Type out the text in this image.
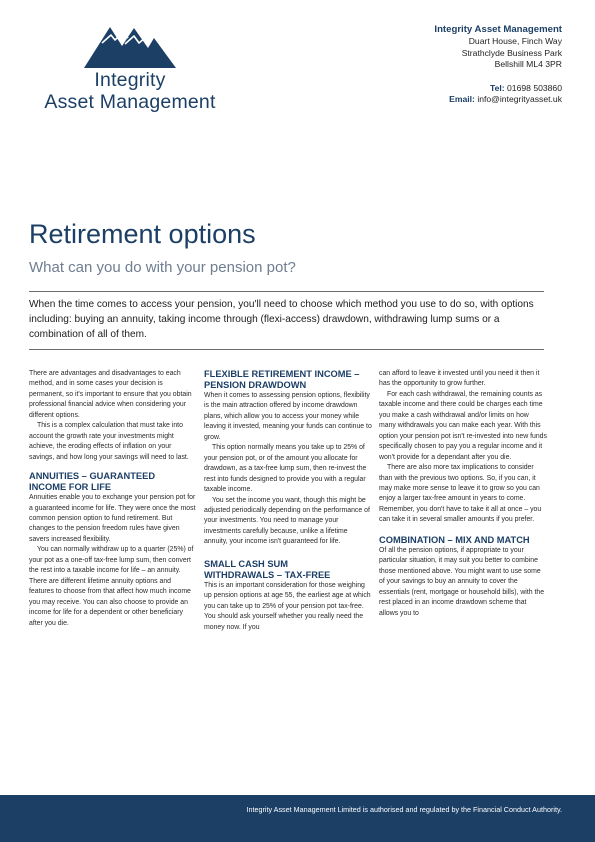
Integrity
Asset Management
Integrity Asset Management
Duart House, Finch Way
Strathclyde Business Park
Bellshill ML4 3PR
Tel: 01698 503860
Email: info@integrityasset.uk
Retirement options
What can you do with your pension pot?

When the time comes to access your pension, you'll need to choose which method you use to do so, with options including: buying an annuity, taking income through (flexi-access) drawdown, withdrawing lump sums or a combination of all of them.

There are advantages and disadvantages to each method, and in some cases your decision is permanent, so it's important to ensure that you obtain professional financial advice when considering your different options.

This is a complex calculation that must take into account the growth rate your investments might achieve, the eroding effects of inflation on your savings, and how long your savings will need to last.

ANNUITIES – GUARANTEED
INCOME FOR LIFE

Annuities enable you to exchange your pension pot for a guaranteed income for life. They were once the most common pension option to fund retirement. But changes to the pension freedom rules have given savers increased flexibility.

You can normally withdraw up to a quarter (25%) of your pot as a one-off tax-free lump sum, then convert the rest into a taxable income for life – an annuity. There are different lifetime annuity options and features to choose from that affect how much income you may receive. You can also choose to provide an income for life for a dependent or other beneficiary after you die.

FLEXIBLE RETIREMENT INCOME –
PENSION DRAWDOWN

When it comes to assessing pension options, flexibility is the main attraction offered by income drawdown plans, which allow you to access your money while leaving it invested, meaning your funds can continue to grow.

This option normally means you take up to 25% of your pension pot, or of the amount you allocate for drawdown, as a tax-free lump sum, then re-invest the rest into funds designed to provide you with a regular taxable income.

You set the income you want, though this might be adjusted periodically depending on the performance of your investments. You need to manage your investments carefully because, unlike a lifetime annuity, your income isn't guaranteed for life.

SMALL CASH SUM
WITHDRAWALS – TAX-FREE

This is an important consideration for those weighing up pension options at age 55, the earliest age at which you can take up to 25% of your pension pot tax-free. You should ask yourself whether you really need the money now. If you

can afford to leave it invested until you need it then it has the opportunity to grow further.

For each cash withdrawal, the remaining counts as taxable income and there could be charges each time you make a cash withdrawal and/or limits on how many withdrawals you can make each year. With this option your pension pot isn't re-invested into new funds specifically chosen to pay you a regular income and it won't provide for a dependant after you die.

There are also more tax implications to consider than with the previous two options. So, if you can, it may make more sense to leave it to grow so you can enjoy a larger tax-free amount in years to come. Remember, you don't have to take it all at once – you can take it in several smaller amounts if you prefer.

COMBINATION – MIX AND MATCH

Of all the pension options, if appropriate to your particular situation, it may suit you better to combine those mentioned above. You might want to use some of your savings to buy an annuity to cover the essentials (rent, mortgage or household bills), with the rest placed in an income drawdown scheme that allows you to

Integrity Asset Management Limited is authorised and regulated by the Financial Conduct Authority.
